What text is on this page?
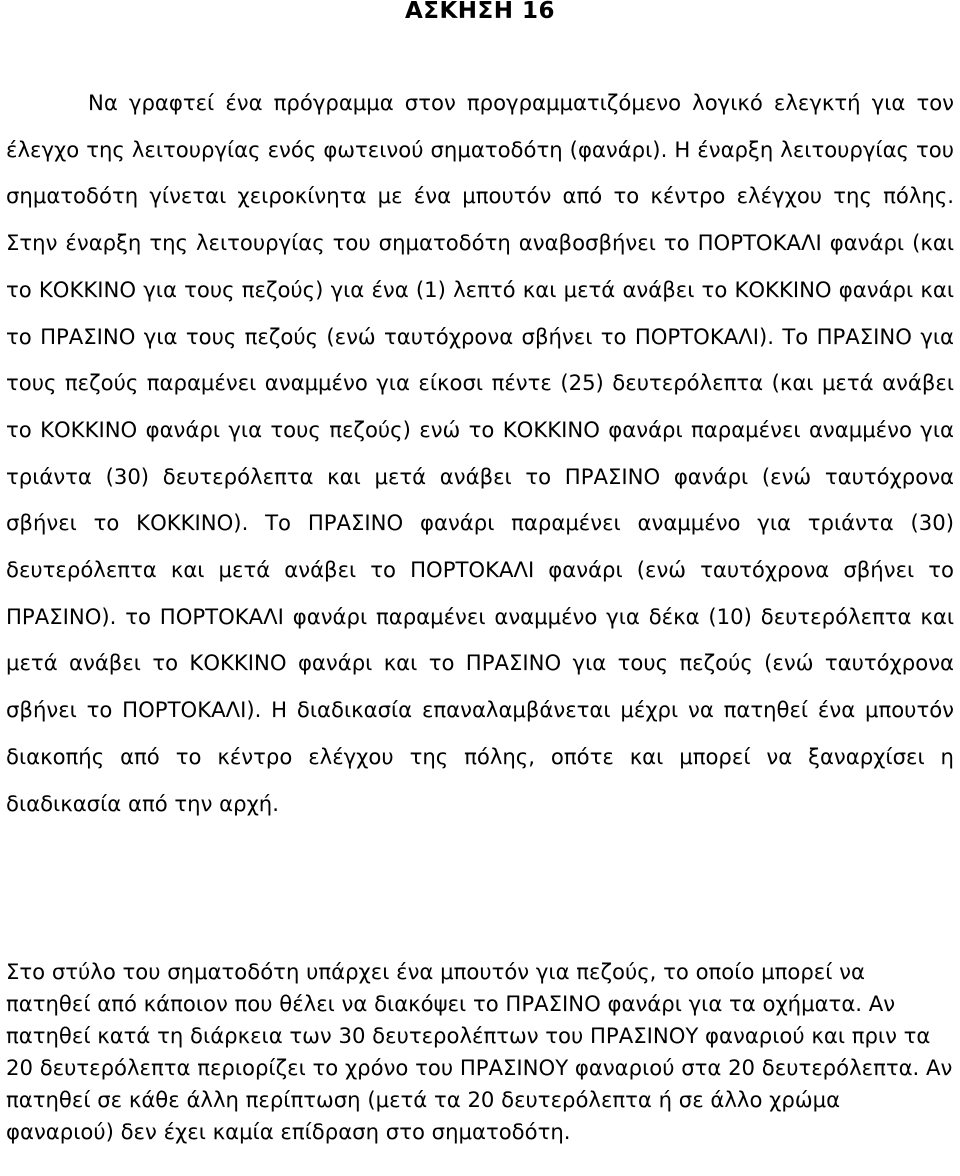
ΑΣΚΗΣΗ 16

Να γραφτεί ένα πρόγραμμα στον προγραμματιζόμενο λογικό ελεγκτή για τον έλεγχο της λειτουργίας ενός φωτεινού σηματοδότη (φανάρι). Η έναρξη λειτουργίας του σηματοδότη γίνεται χειροκίνητα με ένα μπουτόν από το κέντρο ελέγχου της πόλης. Στην έναρξη της λειτουργίας του σηματοδότη αναβοσβήνει το ΠΟΡΤΟΚΑΛΙ φανάρι (και το ΚΟΚΚΙΝΟ για τους πεζούς) για ένα (1) λεπτό και μετά ανάβει το ΚΟΚΚΙΝΟ φανάρι και το ΠΡΑΣΙΝΟ για τους πεζούς (ενώ ταυτόχρονα σβήνει το ΠΟΡΤΟΚΑΛΙ). Το ΠΡΑΣΙΝΟ για τους πεζούς παραμένει αναμμένο για είκοσι πέντε (25) δευτερόλεπτα (και μετά ανάβει το ΚΟΚΚΙΝΟ φανάρι για τους πεζούς) ενώ το ΚΟΚΚΙΝΟ φανάρι παραμένει αναμμένο για τριάντα (30) δευτερόλεπτα και μετά ανάβει το ΠΡΑΣΙΝΟ φανάρι (ενώ ταυτόχρονα σβήνει το ΚΟΚΚΙΝΟ). Το ΠΡΑΣΙΝΟ φανάρι παραμένει αναμμένο για τριάντα (30) δευτερόλεπτα και μετά ανάβει το ΠΟΡΤΟΚΑΛΙ φανάρι (ενώ ταυτόχρονα σβήνει το ΠΡΑΣΙΝΟ). το ΠΟΡΤΟΚΑΛΙ φανάρι παραμένει αναμμένο για δέκα (10) δευτερόλεπτα και μετά ανάβει το ΚΟΚΚΙΝΟ φανάρι και το ΠΡΑΣΙΝΟ για τους πεζούς (ενώ ταυτόχρονα σβήνει το ΠΟΡΤΟΚΑΛΙ). Η διαδικασία επαναλαμβάνεται μέχρι να πατηθεί ένα μπουτόν διακοπής από το κέντρο ελέγχου της πόλης, οπότε και μπορεί να ξαναρχίσει η διαδικασία από την αρχή.

Στο στύλο του σηματοδότη υπάρχει ένα μπουτόν για πεζούς, το οποίο μπορεί να πατηθεί από κάποιον που θέλει να διακόψει το ΠΡΑΣΙΝΟ φανάρι για τα οχήματα. Αν πατηθεί κατά τη διάρκεια των 30 δευτερολέπτων του ΠΡΑΣΙΝΟΥ φαναριού και πριν τα 20 δευτερόλεπτα περιορίζει το χρόνο του ΠΡΑΣΙΝΟΥ φαναριού στα 20 δευτερόλεπτα. Αν πατηθεί σε κάθε άλλη περίπτωση (μετά τα 20 δευτερόλεπτα ή σε άλλο χρώμα φαναριού) δεν έχει καμία επίδραση στο σηματοδότη.
